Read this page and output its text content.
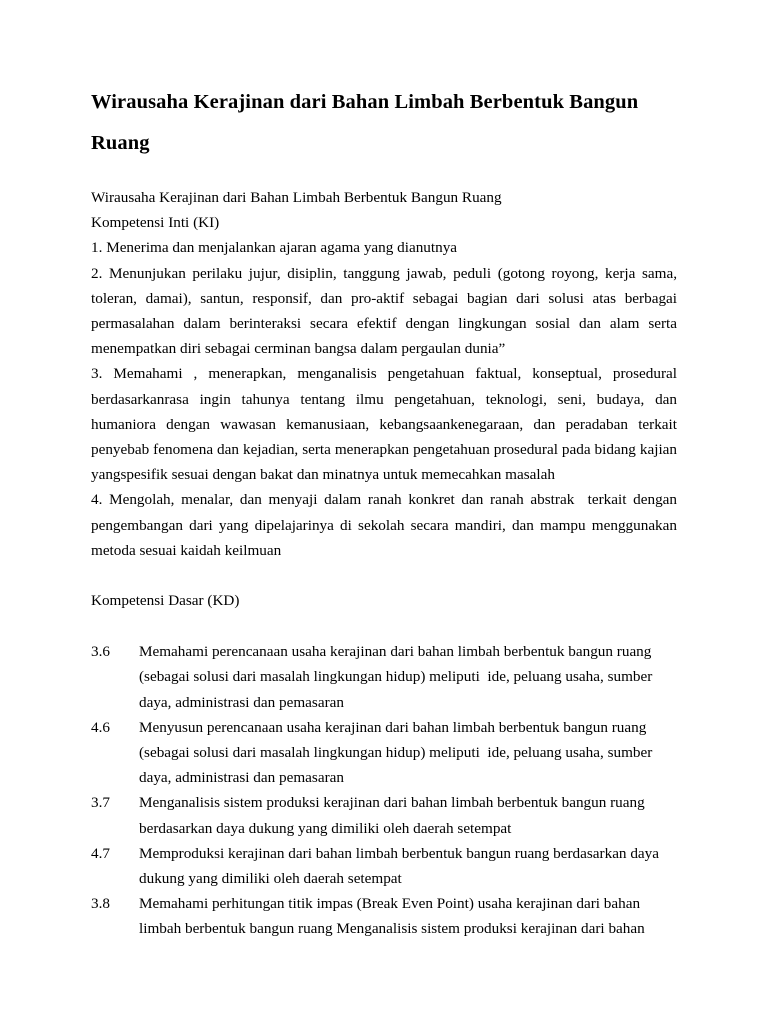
Wirausaha Kerajinan dari Bahan Limbah Berbentuk Bangun Ruang

Wirausaha Kerajinan dari Bahan Limbah Berbentuk Bangun Ruang

Kompetensi Inti (KI)

1. Menerima dan menjalankan ajaran agama yang dianutnya

2. Menunjukan perilaku jujur, disiplin, tanggung jawab, peduli (gotong royong, kerja sama, toleran, damai), santun, responsif, dan pro-aktif sebagai bagian dari solusi atas berbagai permasalahan dalam berinteraksi secara efektif dengan lingkungan sosial dan alam serta menempatkan diri sebagai cerminan bangsa dalam pergaulan dunia”

3. Memahami , menerapkan, menganalisis pengetahuan faktual, konseptual, prosedural berdasarkanrasa ingin tahunya tentang ilmu pengetahuan, teknologi, seni, budaya, dan humaniora dengan wawasan kemanusiaan, kebangsaankenegaraan, dan peradaban terkait penyebab fenomena dan kejadian, serta menerapkan pengetahuan prosedural pada bidang kajian yangspesifik sesuai dengan bakat dan minatnya untuk memecahkan masalah

4. Mengolah, menalar, dan menyaji dalam ranah konkret dan ranah abstrak  terkait dengan pengembangan dari yang dipelajarinya di sekolah secara mandiri, dan mampu menggunakan metoda sesuai kaidah keilmuan

Kompetensi Dasar (KD)

3.6	Memahami perencanaan usaha kerajinan dari bahan limbah berbentuk bangun ruang (sebagai solusi dari masalah lingkungan hidup) meliputi  ide, peluang usaha, sumber daya, administrasi dan pemasaran
4.6	Menyusun perencanaan usaha kerajinan dari bahan limbah berbentuk bangun ruang (sebagai solusi dari masalah lingkungan hidup) meliputi  ide, peluang usaha, sumber daya, administrasi dan pemasaran
3.7	Menganalisis sistem produksi kerajinan dari bahan limbah berbentuk bangun ruang berdasarkan daya dukung yang dimiliki oleh daerah setempat
4.7	Memproduksi kerajinan dari bahan limbah berbentuk bangun ruang berdasarkan daya dukung yang dimiliki oleh daerah setempat
3.8	Memahami perhitungan titik impas (Break Even Point) usaha kerajinan dari bahan limbah berbentuk bangun ruang Menganalisis sistem produksi kerajinan dari bahan
